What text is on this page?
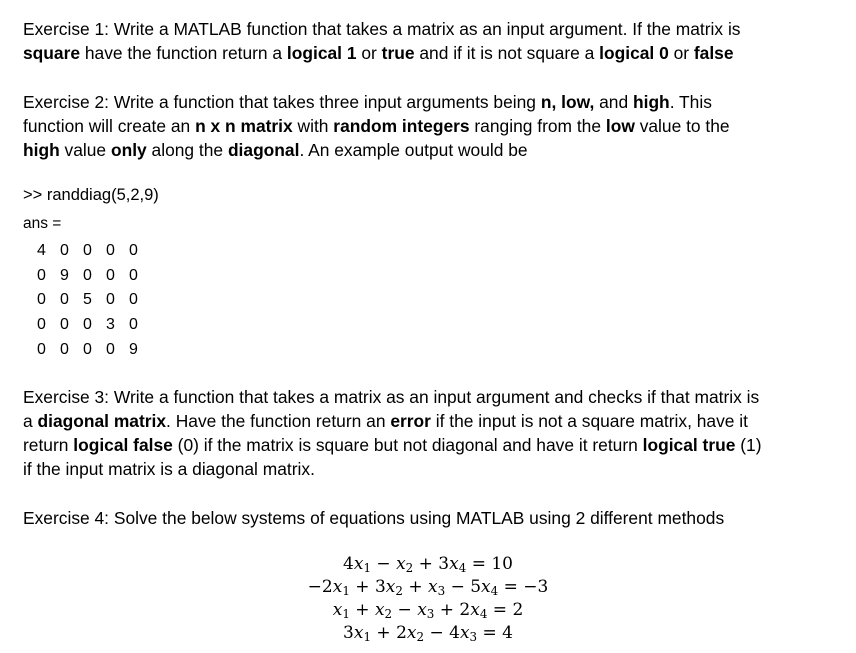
Exercise 1: Write a MATLAB function that takes a matrix as an input argument. If the matrix is
square have the function return a logical 1 or true and if it is not square a logical 0 or false
Exercise 2: Write a function that takes three input arguments being n, low, and high. This
function will create an n x n matrix with random integers ranging from the low value to the
high value only along the diagonal. An example output would be
>> randdiag(5,2,9)
ans =
4	0	0	0	0
0	9	0	0	0
0	0	5	0	0
0	0	0	3	0
0	0	0	0	9
Exercise 3: Write a function that takes a matrix as an input argument and checks if that matrix is
a diagonal matrix. Have the function return an error if the input is not a square matrix, have it
return logical false (0) if the matrix is square but not diagonal and have it return logical true (1)
if the input matrix is a diagonal matrix.
Exercise 4: Solve the below systems of equations using MATLAB using 2 different methods
$4x_1 - x_2 + 3x_4 = 10$
$-2x_1 + 3x_2 + x_3 - 5x_4 = -3$
$x_1 + x_2 - x_3 + 2x_4 = 2$
$3x_1 + 2x_2 - 4x_3 = 4$
